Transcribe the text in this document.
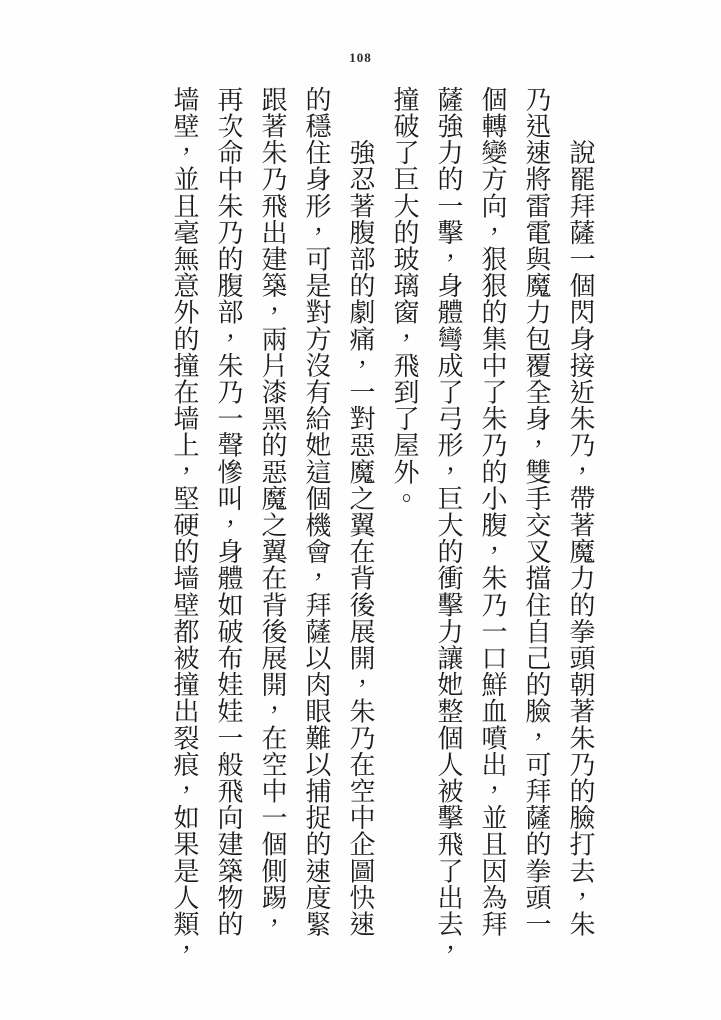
108
　　說罷拜薩一個閃身接近朱乃，帶著魔力的拳頭朝著朱乃的臉打去，朱
乃迅速將雷電與魔力包覆全身，雙手交叉擋住自己的臉，可拜薩的拳頭一
個轉變方向，狠狠的集中了朱乃的小腹，朱乃一口鮮血噴出，並且因為拜
薩強力的一擊，身體彎成了弓形，巨大的衝擊力讓她整個人被擊飛了出去，
撞破了巨大的玻璃窗，飛到了屋外。
　　強忍著腹部的劇痛，一對惡魔之翼在背後展開，朱乃在空中企圖快速
的穩住身形，可是對方沒有給她這個機會，拜薩以肉眼難以捕捉的速度緊
跟著朱乃飛出建築，兩片漆黑的惡魔之翼在背後展開，在空中一個側踢，
再次命中朱乃的腹部，朱乃一聲慘叫，身體如破布娃娃一般飛向建築物的
墙壁，並且毫無意外的撞在墙上，堅硬的墙壁都被撞出裂痕，如果是人類，
